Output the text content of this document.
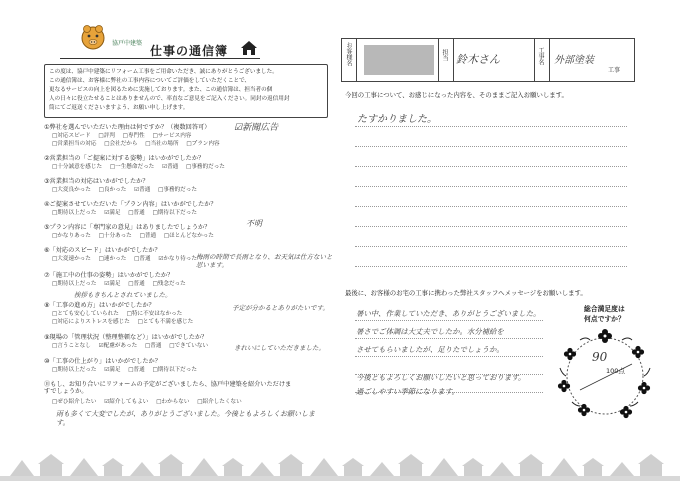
協戸中建築
仕事の通信簿
この度は、協戸中建築にリフォーム工事をご用命いただき、誠にありがとうございました。
この通信簿は、お客様に弊社の工事内容についてご評価をしていただくことで、
更なるサービスの向上を図るために実施しております。また、この通信簿は、担当者の個
人の日々に役立たせることはありませんので、率直なご意見をご記入ください。同封の返信用封
筒にてご返送くださいますよう、お願い申し上げます。
お客様名	担当 鈴木さん	工事名 外部塗装
工事
①弊社を選んでいただいた理由は何ですか？（複数回答可）	☑新聞広告
□対応スピード □評判 □専門性 □サービス内容
□営業担当の対応 □会社だから □当社の場所 □プラン内容
②営業担当の「ご提案に対する姿勢」はいかがでしたか？
□十分誠意を感じた □一生懸命だった ☑普通 □事務的だった
③営業担当の対応はいかがでしたか？
□大変良かった □良かった ☑普通 □事務的だった
④ご提案させていただいた「プラン内容」はいかがでしたか？
□期待以上だった ☑満足 □普通 □期待以下だった
⑤プラン内容に「専門家の意見」はありましたでしょうか？	不明
□かなりあった □十分あった □普通 □ほとんどなかった
⑥「対応のスピード」はいかがでしたか？
□大変速かった □速かった □普通 ☑かなり待った 梅雨の時期で長雨となり、お天気は仕方ないと思います。
⑦「施工中の仕事の姿勢」はいかがでしたか？
□期待以上だった ☑満足 □普通 □残念だった
挨拶もきちんとされていました。
⑧「工事の進め方」はいかがでしたか？	予定が分かるとありがたいです。
□とても安心していられた □特に不安はなかった
□対応によりストレスを感じた □とても不満を感じた
⑨現場の「管理状況（整理整頓など）」はいかがでしたか？
□言うことなし ☑配慮があった □普通 □できていない	きれいにしていただきました。
⑩「工事の仕上がり」はいかがでしたか？
□期待以上だった ☑満足 □普通 □期待以下だった
⑪もし、お知り合いにリフォームの予定がございましたら、協戸中建築を紹介いただけますでしょうか。
□ぜひ紹介したい ☑紹介してもよい □わからない □紹介したくない
雨も多くて大変でしたが、ありがとうございました。今後ともよろしくお願いします。
今回の工事について、お感じになった内容を、そのままご記入お願いします。
たすかりました。
最後に、お客様のお宅の工事に携わった弊社スタッフへメッセージをお願いします。
暑い中、作業していただき、ありがとうございました。
暑さでご体調は大丈夫でしたか。水分補給を
させてもらいましたが、足りたでしょうか。
今後ともよろしくお願いしたいと思っております。
過ごしやすい季節になります。
総合満足度は
何点ですか？
90
100点
